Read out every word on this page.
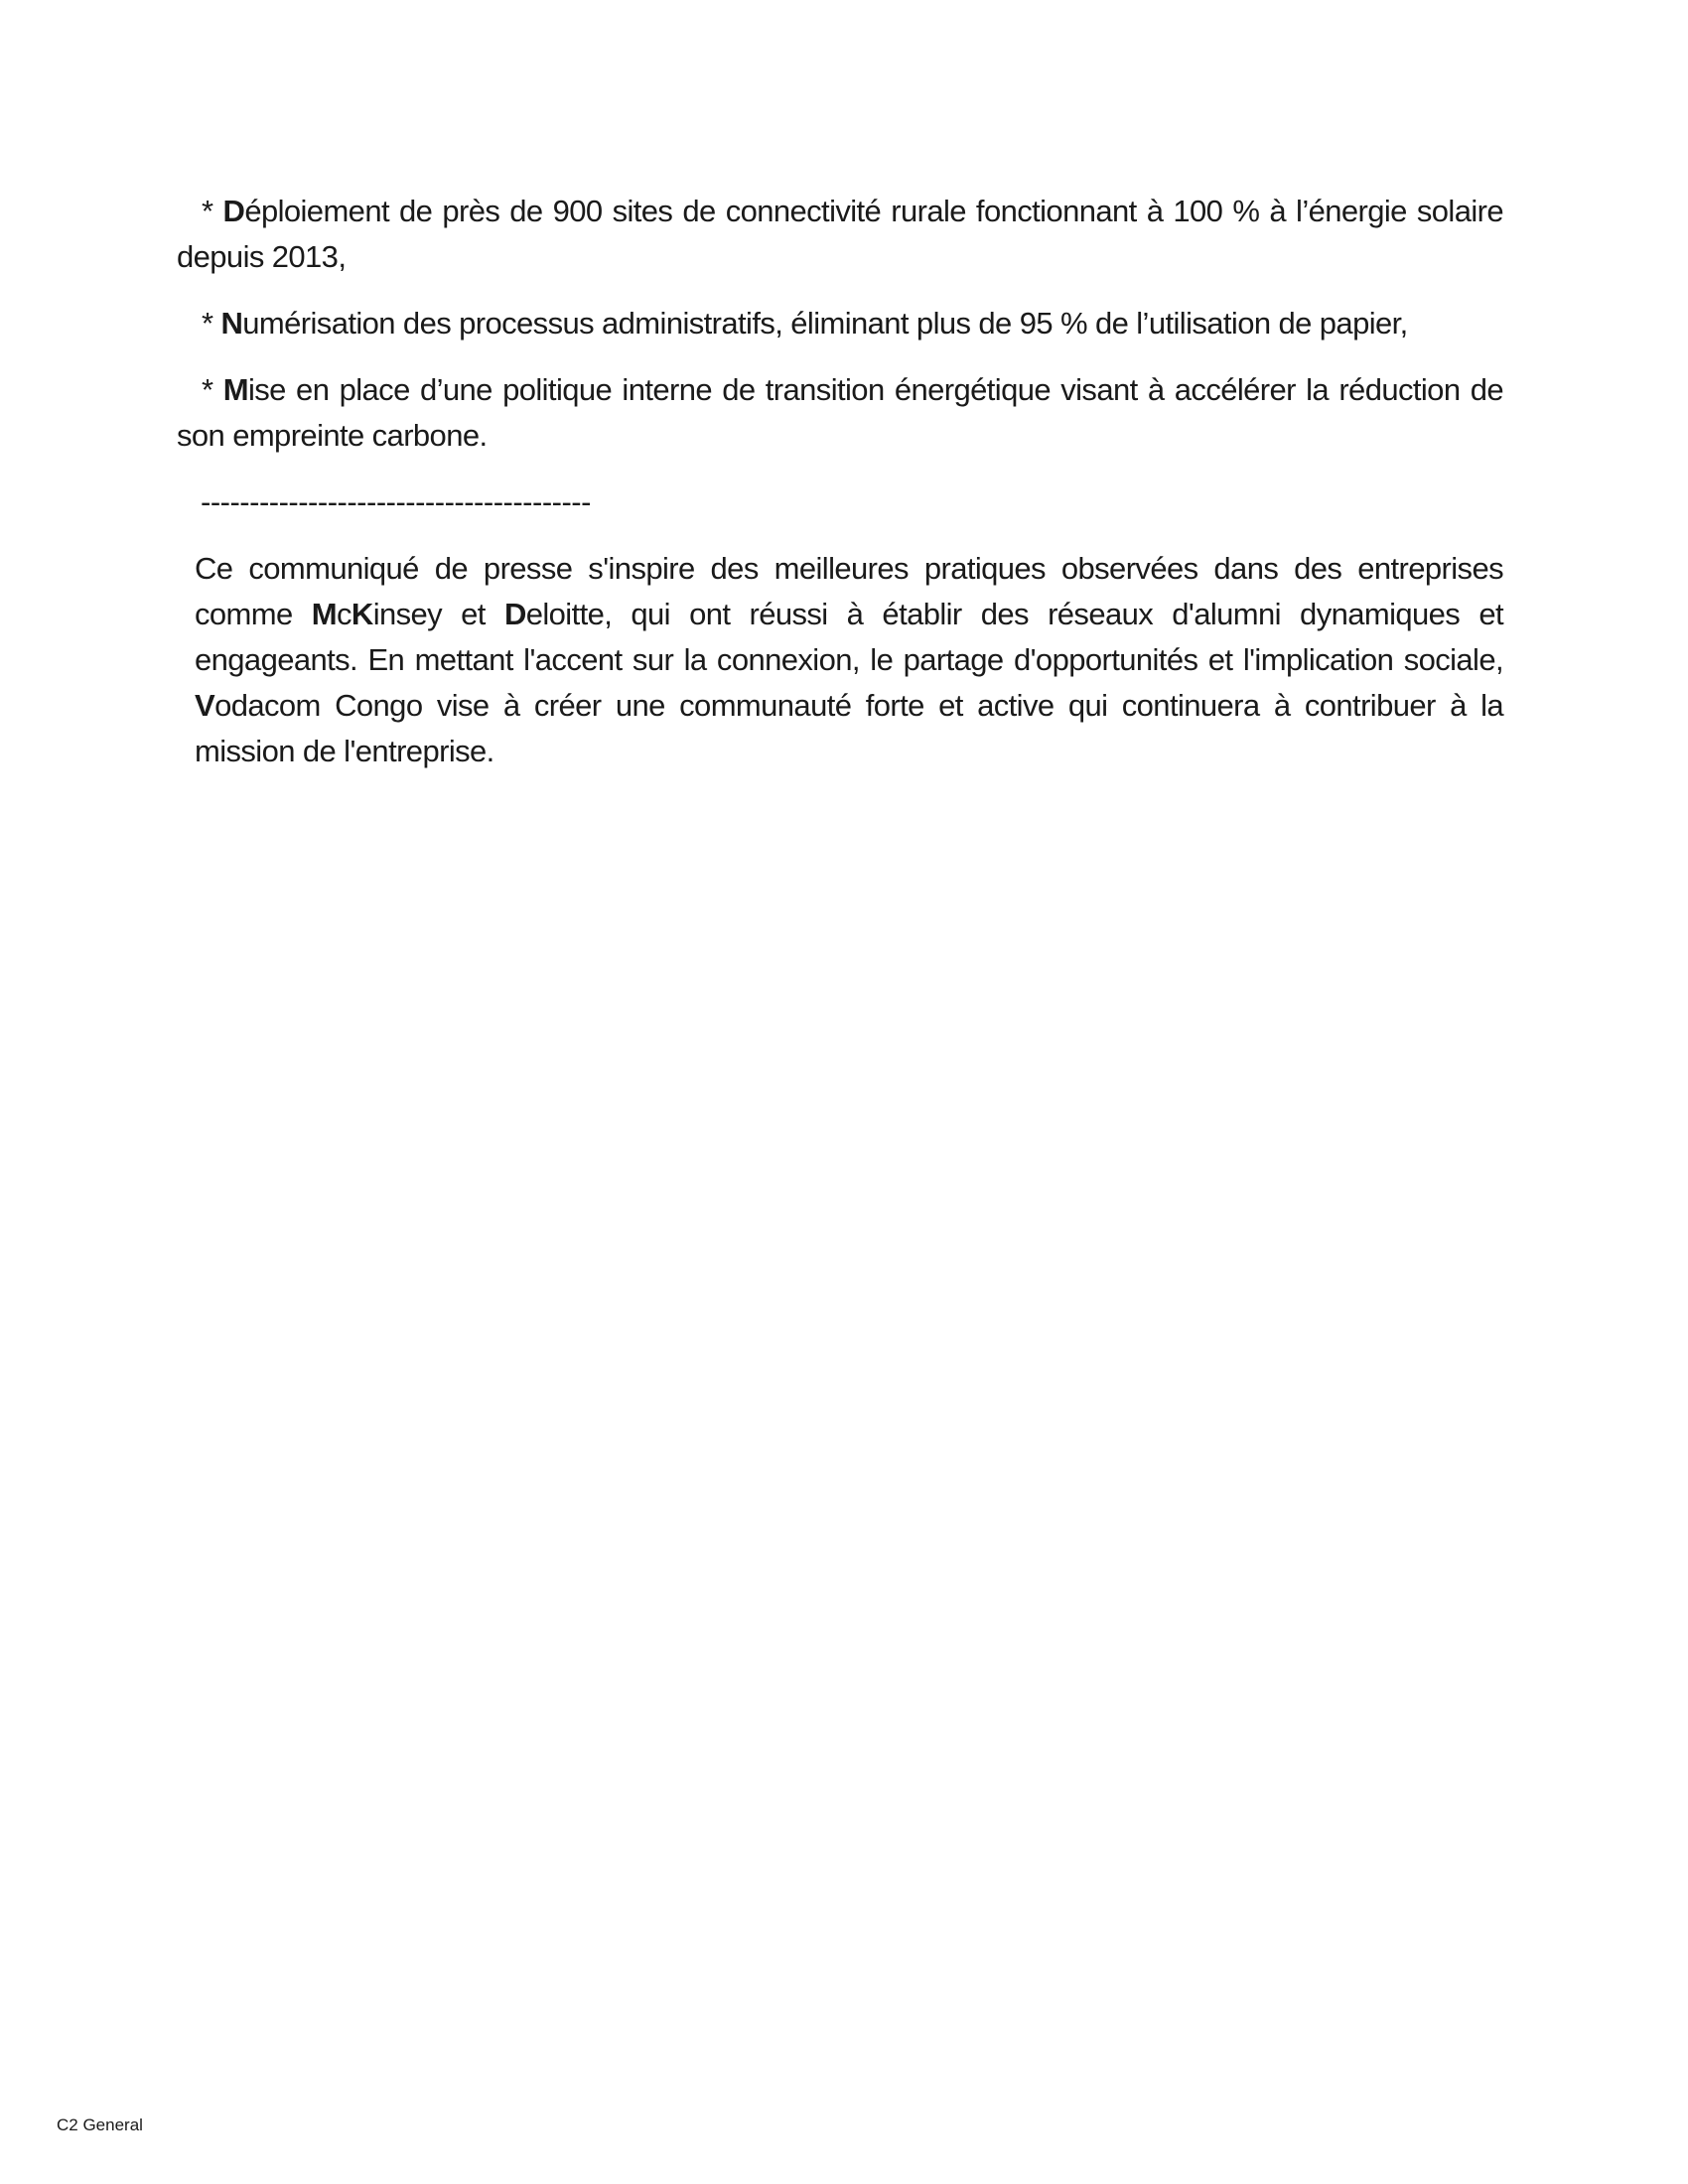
* Déploiement de près de 900 sites de connectivité rurale fonctionnant à 100 % à l’énergie solaire depuis 2013,

* Numérisation des processus administratifs, éliminant plus de 95 % de l’utilisation de papier,

* Mise en place d’une politique interne de transition énergétique visant à accélérer la réduction de son empreinte carbone.

----------------------------------------

Ce communiqué de presse s'inspire des meilleures pratiques observées dans des entreprises comme McKinsey et Deloitte, qui ont réussi à établir des réseaux d'alumni dynamiques et engageants. En mettant l'accent sur la connexion, le partage d'opportunités et l'implication sociale, Vodacom Congo vise à créer une communauté forte et active qui continuera à contribuer à la mission de l'entreprise.

C2 General
